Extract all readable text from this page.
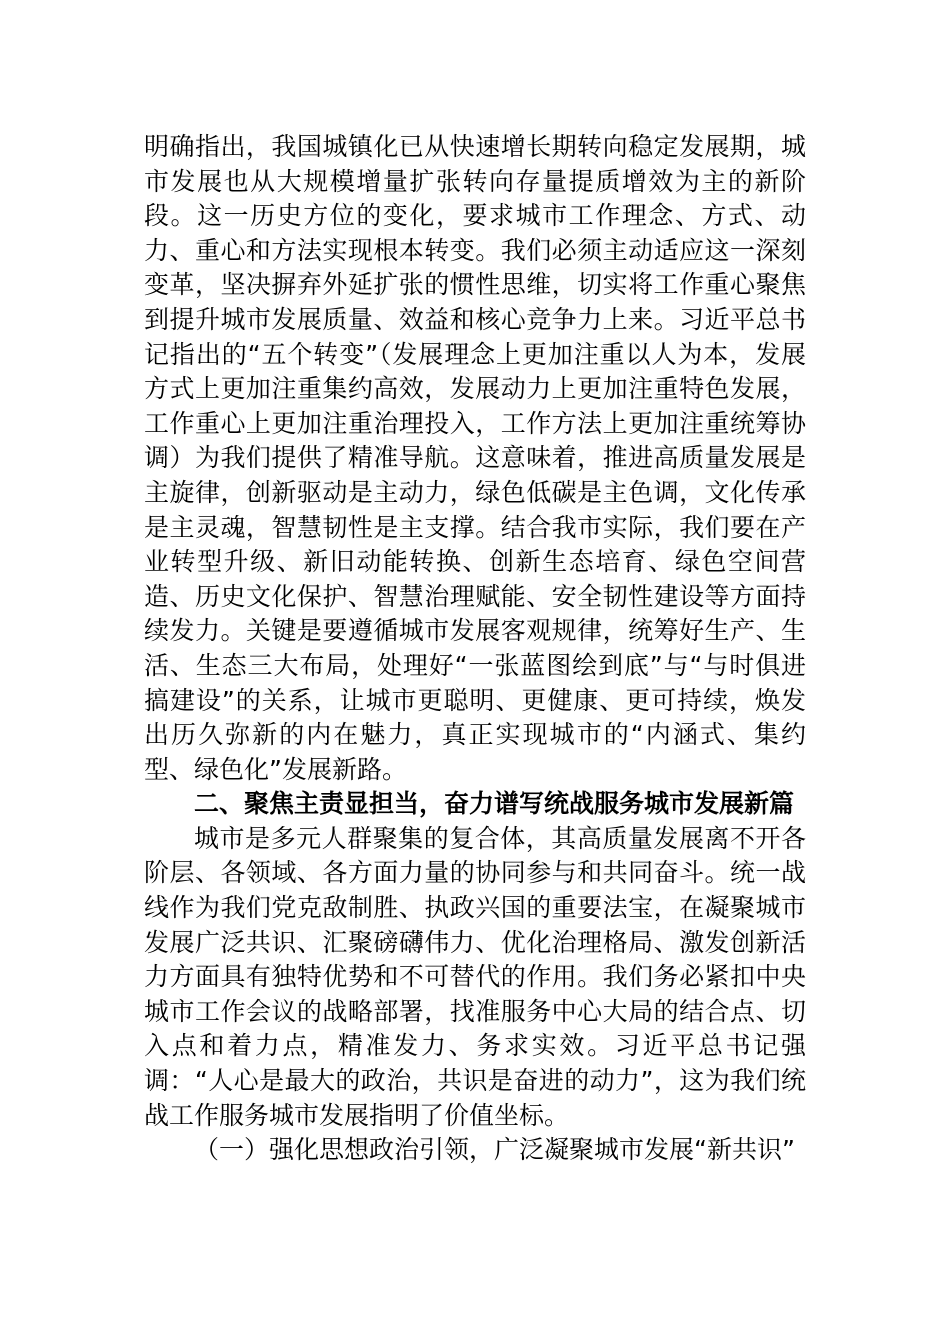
明确指出，我国城镇化已从快速增长期转向稳定发展期，城市发展也从大规模增量扩张转向存量提质增效为主的新阶段。这一历史方位的变化，要求城市工作理念、方式、动力、重心和方法实现根本转变。我们必须主动适应这一深刻变革，坚决摒弃外延扩张的惯性思维，切实将工作重心聚焦到提升城市发展质量、效益和核心竞争力上来。习近平总书记指出的“五个转变”（发展理念上更加注重以人为本，发展方式上更加注重集约高效，发展动力上更加注重特色发展，工作重心上更加注重治理投入，工作方法上更加注重统筹协调）为我们提供了精准导航。这意味着，推进高质量发展是主旋律，创新驱动是主动力，绿色低碳是主色调，文化传承是主灵魂，智慧韧性是主支撑。结合我市实际，我们要在产业转型升级、新旧动能转换、创新生态培育、绿色空间营造、历史文化保护、智慧治理赋能、安全韧性建设等方面持续发力。关键是要遵循城市发展客观规律，统筹好生产、生活、生态三大布局，处理好“一张蓝图绘到底”与“与时俱进搞建设”的关系，让城市更聪明、更健康、更可持续，焕发出历久弥新的内在魅力，真正实现城市的“内涵式、集约型、绿色化”发展新路。

二、聚焦主责显担当，奋力谱写统战服务城市发展新篇

城市是多元人群聚集的复合体，其高质量发展离不开各阶层、各领域、各方面力量的协同参与和共同奋斗。统一战线作为我们党克敌制胜、执政兴国的重要法宝，在凝聚城市发展广泛共识、汇聚磅礴伟力、优化治理格局、激发创新活力方面具有独特优势和不可替代的作用。我们务必紧扣中央城市工作会议的战略部署，找准服务中心大局的结合点、切入点和着力点，精准发力、务求实效。习近平总书记强调：“人心是最大的政治，共识是奋进的动力”，这为我们统战工作服务城市发展指明了价值坐标。

（一）强化思想政治引领，广泛凝聚城市发展“新共识”
